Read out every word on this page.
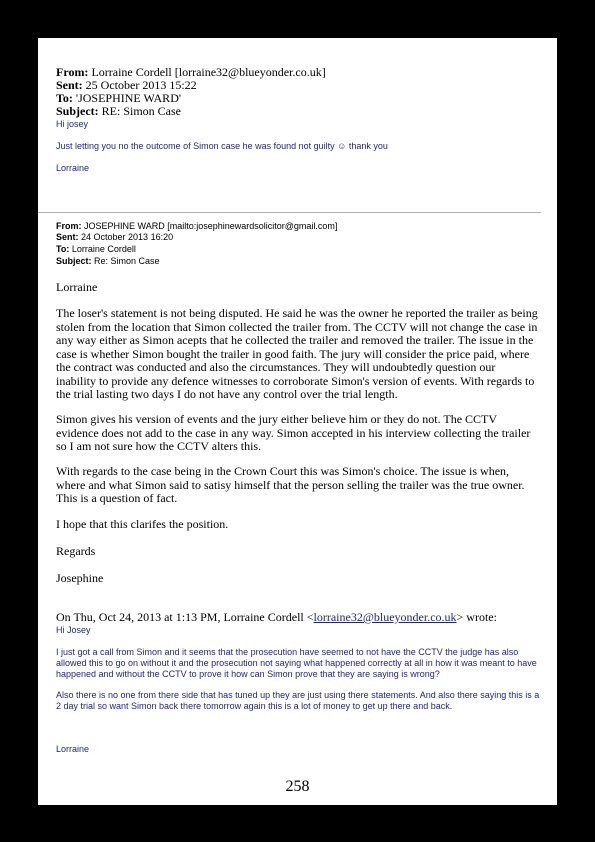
From: Lorraine Cordell [lorraine32@blueyonder.co.uk]
Sent: 25 October 2013 15:22
To: 'JOSEPHINE WARD'
Subject: RE: Simon Case
Hi josey
Just letting you no the outcome of Simon case he was found not guilty ☺ thank you
Lorraine
From: JOSEPHINE WARD [mailto:josephinewardsolicitor@gmail.com]
Sent: 24 October 2013 16:20
To: Lorraine Cordell
Subject: Re: Simon Case
Lorraine
The loser's statement is not being disputed. He said he was the owner he reported the trailer as being stolen from the location that Simon collected the trailer from. The CCTV will not change the case in any way either as Simon acepts that he collected the trailer and removed the trailer. The issue in the case is whether Simon bought the trailer in good faith. The jury will consider the price paid, where the contract was conducted and also the circumstances. They will undoubtedly question our inability to provide any defence witnesses to corroborate Simon's version of events. With regards to the trial lasting two days I do not have any control over the trial length.
Simon gives his version of events and the jury either believe him or they do not. The CCTV evidence does not add to the case in any way. Simon accepted in his interview collecting the trailer so I am not sure how the CCTV alters this.
With regards to the case being in the Crown Court this was Simon's choice. The issue is when, where and what Simon said to satisy himself that the person selling the trailer was the true owner. This is a question of fact.
I hope that this clarifes the position.
Regards
Josephine
On Thu, Oct 24, 2013 at 1:13 PM, Lorraine Cordell <lorraine32@blueyonder.co.uk> wrote:
Hi Josey
I just got a call from Simon and it seems that the prosecution have seemed to not have the CCTV the judge has also allowed this to go on without it and the prosecution not saying what happened correctly at all in how it was meant to have happened and without the CCTV to prove it how can Simon prove that they are saying is wrong?
Also there is no one from there side that has tuned up they are just using there statements. And also there saying this is a 2 day trial so want Simon back there tomorrow again this is a lot of money to get up there and back.
Lorraine
258
